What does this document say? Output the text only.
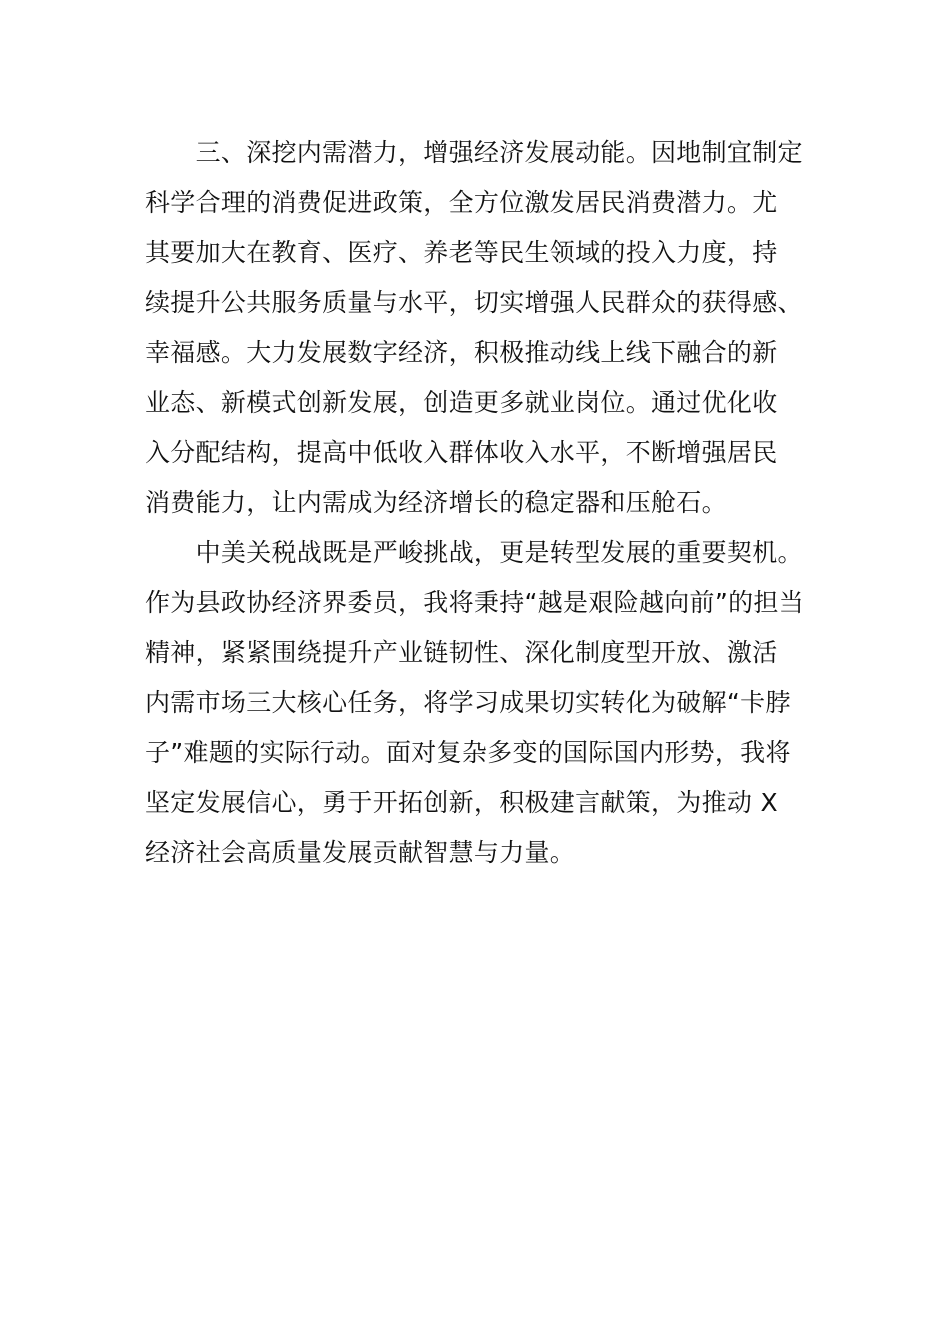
　　三、深挖内需潜力，增强经济发展动能。因地制宜制定
科学合理的消费促进政策，全方位激发居民消费潜力。尤
其要加大在教育、医疗、养老等民生领域的投入力度，持
续提升公共服务质量与水平，切实增强人民群众的获得感、
幸福感。大力发展数字经济，积极推动线上线下融合的新
业态、新模式创新发展，创造更多就业岗位。通过优化收
入分配结构，提高中低收入群体收入水平，不断增强居民
消费能力，让内需成为经济增长的稳定器和压舱石。
　　中美关税战既是严峻挑战，更是转型发展的重要契机。
作为县政协经济界委员，我将秉持“越是艰险越向前”的担当
精神，紧紧围绕提升产业链韧性、深化制度型开放、激活
内需市场三大核心任务，将学习成果切实转化为破解“卡脖
子”难题的实际行动。面对复杂多变的国际国内形势，我将
坚定发展信心，勇于开拓创新，积极建言献策，为推动 X
经济社会高质量发展贡献智慧与力量。
